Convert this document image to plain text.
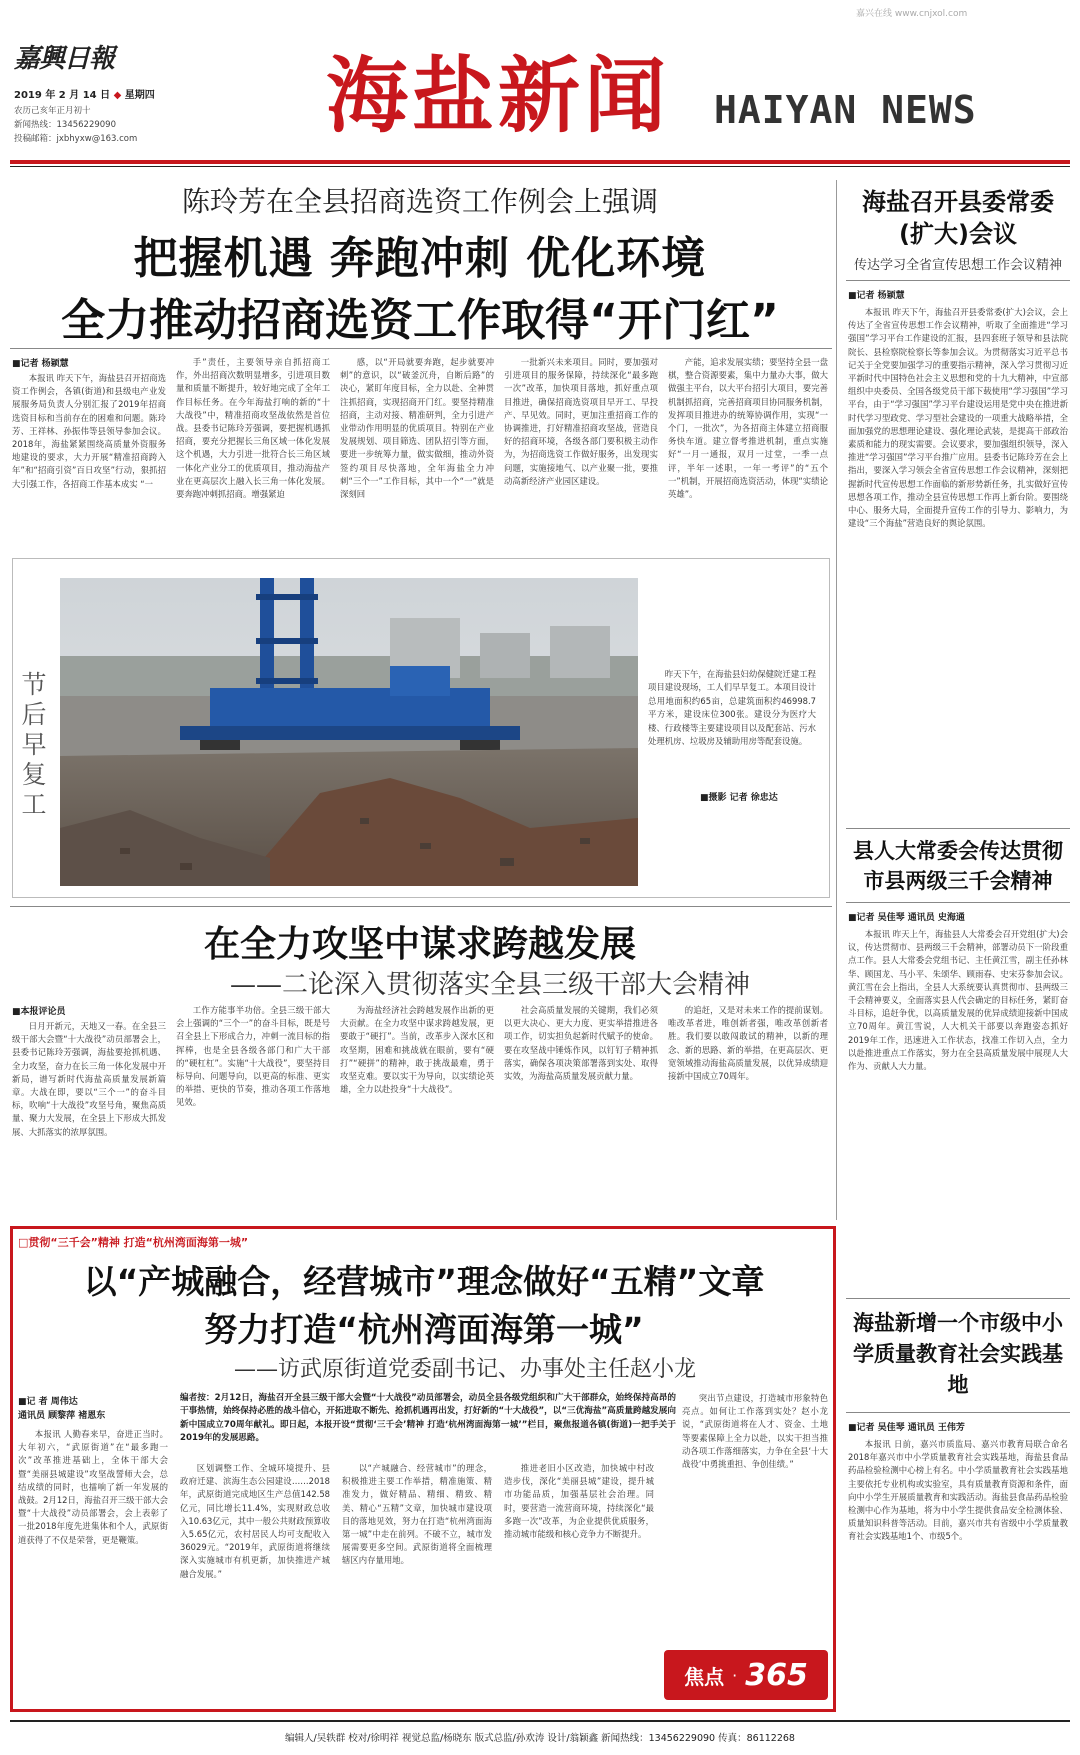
嘉兴在线 www.cnjxol.com
嘉興日報
2019 年 2 月 14 日 ◆ 星期四
农历己亥年正月初十
新闻热线：13456229090
投稿邮箱：jxbhyxw@163.com 海盐新闻 HAIYAN NEWS
陈玲芳在全县招商选资工作例会上强调
把握机遇 奔跑冲刺 优化环境
全力推动招商选资工作取得“开门红”
■记者 杨颖慧

本报讯 昨天下午，海盐县召开招商选资工作例会，各镇(街道)和县级电产业发展服务局负责人分别汇报了2019年招商选资目标和当前存在的困难和问题。陈玲芳、王祥林、孙振伟等县领导参加会议。2018年，海盐紧紧围绕高质量外资服务地建设的要求，大力开展“精准招商跨入年”和“招商引资”百日攻坚”行动，狠抓招大引强工作，各招商工作基本成实 “一

手”责任，主要领导亲自抓招商工作，外出招商次数明显增多，引进项目数量和质量不断提升，较好地完成了全年工作目标任务。在今年海盐打响的新的“十大战役”中，精准招商攻坚战依然是首位战。县委书记陈玲芳强调，要把握机遇抓招商，要充分把握长三角区域一体化发展这个机遇，大力引进一批符合长三角区域一体化产业分工的优质项目，推动海盐产业在更高层次上融入长三角一体化发展。要奔跑冲刺抓招商。增强紧迫

感，以“开局就要奔跑，起步就要冲刺”的意识，以“破釜沉舟，自断后路”的决心，紧盯年度目标，全力以赴、全神贯注抓招商，实现招商开门红。要坚持精准招商，主动对接、精准研判，全力引进产业带动作用明显的优质项目。特别在产业发展规划、项目筛选、团队招引等方面，要进一步统筹力量，做实做细，推动外资签约项目尽快落地，全年海盐全力冲刺“三个一”工作目标，其中一个“一”就是深刻回

一批新兴未来项目。同时，要加强对引进项目的服务保障，持续深化“最多跑一次”改革，加快项目落地，抓好重点项目推进，确保招商选资项目早开工、早投产、早见效。同时，更加注重招商工作的协调推进，打好精准招商攻坚战，营造良好的招商环境，各级各部门要积极主动作为，为招商选资工作做好服务，出发现实问题，实施接地气、以产业聚一批，要推动高新经济产业园区建设。

产能，追求发展实绩；要坚持全县一盘棋，整合资源要素，集中力量办大事，做大做强主平台，以大平台招引大项目，要完善机制抓招商，完善招商项目协同服务机制，发挥项目推进办的统筹协调作用，实现“一个门，一批次”，为各招商主体建立招商服务快车道。建立督考推进机制，重点实施好“一月一通报，双月一过堂，一季一点评，半年一述职，一年一考评”的“五个一”机制，开展招商选资活动，体现“实绩论英雄”。

节后早复工
昨天下午，在海盐县妇幼保健院迁建工程项目建设现场，工人们早早复工。本项目设计总用地面积约65亩，总建筑面积约46998.7平方米，建设床位300张。建设分为医疗大楼、行政楼等主要建设项目以及配套站、污水处理机房、垃圾房及辅助用房等配套设施。
■摄影 记者 徐忠达
海盐召开县委常委(扩大)会议
传达学习全省宣传思想工作会议精神
■记者 杨颖慧

本报讯 昨天下午，海盐召开县委常委(扩大)会议，会上传达了全省宣传思想工作会议精神，听取了全面推进“学习强国”学习平台工作建设的汇报，县四套班子领导和县法院院长、县检察院检察长等参加会议。为贯彻落实习近平总书记关于全党要加强学习的重要指示精神，深入学习贯彻习近平新时代中国特色社会主义思想和党的十九大精神，中宣部组织中央委员、全国各级党员干部下载使用“学习强国”学习平台，由于“学习强国”学习平台建设运用是党中央在推进新时代学习型政党、学习型社会建设的一项重大战略举措，全面加强党的思想理论建设、强化理论武装，是提高干部政治素质和能力的现实需要。会议要求，要加强组织领导，深入推进“学习强国”学习平台推广应用。县委书记陈玲芳在会上指出，要深入学习领会全省宣传思想工作会议精神，深刻把握新时代宣传思想工作面临的新形势新任务，扎实做好宣传思想各项工作，推动全县宣传思想工作再上新台阶。要围绕中心、服务大局，全面提升宣传工作的引导力、影响力，为建设“三个海盐”营造良好的舆论氛围。

县人大常委会传达贯彻市县两级三千会精神
■记者 吴佳琴 通讯员 史海通

本报讯 昨天上午，海盐县人大常委会召开党组(扩大)会议，传达贯彻市、县两级三千会精神，部署动员下一阶段重点工作。县人大常委会党组书记、主任黄江雪，副主任孙林华、顾国龙、马小平、朱颂华、顾雨春、史宋芬参加会议。黄江雪在会上指出，全县人大系统要认真贯彻市、县两级三千会精神要义，全面落实县人代会确定的目标任务，紧盯奋斗目标，追赶争优，以高质量发展的优异成绩迎接新中国成立70周年。黄江雪说，人大机关干部要以奔跑姿态抓好2019年工作，迅速进入工作状态，找准工作切入点，全力以赴推进重点工作落实，努力在全县高质量发展中展现人大作为、贡献人大力量。

在全力攻坚中谋求跨越发展
——二论深入贯彻落实全县三级干部大会精神
■本报评论员

日月开新元，天地又一春。在全县三级干部大会暨“十大战役”动员部署会上，县委书记陈玲芳强调，海盐要抢抓机遇、全力攻坚，奋力在长三角一体化发展中开新局，谱写新时代海盐高质量发展新篇章。大战在即，要以“三个一”的奋斗目标，吹响“十大战役”攻坚号角，聚焦高质量、聚力大发展，在全县上下形成大抓发展、大抓落实的浓厚氛围。

工作方能事半功倍。全县三级干部大会上强调的“三个一”的奋斗目标，既是号召全县上下形成合力，冲刺一流目标的指挥棒，也是全县各级各部门和广大干部的“硬杠杠”。实施“十大战役”，要坚持目标导向、问题导向，以更高的标准、更实的举措、更快的节奏，推动各项工作落地见效。

为海盐经济社会跨越发展作出新的更大贡献。在全力攻坚中谋求跨越发展，更要敢于“硬打”。当前，改革步入深水区和攻坚期，困难和挑战就在眼前，要有“硬打”“硬拼”的精神，敢于挑战最难，勇于攻坚克难。要以实干为导向，以实绩论英雄，全力以赴投身“十大战役”。

社会高质量发展的关键期，我们必须以更大决心、更大力度、更实举措推进各项工作，切实担负起新时代赋予的使命。要在攻坚战中锤炼作风，以钉钉子精神抓落实，确保各项决策部署落到实处、取得实效，为海盐高质量发展贡献力量。

的追赶，又是对未来工作的提前谋划。唯改革者进，唯创新者强，唯改革创新者胜。我们要以敢闯敢试的精神，以新的理念、新的思路、新的举措，在更高层次、更宽领域推动海盐高质量发展，以优异成绩迎接新中国成立70周年。

□贯彻“三千会”精神 打造“杭州湾面海第一城”
以“产城融合，经营城市”理念做好“五精”文章
努力打造“杭州湾面海第一城”
——访武原街道党委副书记、办事处主任赵小龙
■记 者 周伟达
通讯员 顾黎萍 褚恩东
编者按：2月12日，海盐召开全县三级干部大会暨“十大战役”动员部署会，动员全县各级党组织和广大干部群众，始终保持高昂的干事热情，始终保持必胜的战斗信心，开拓进取不断先、抢抓机遇再出发，打好新的“十大战役”，以“三优海盐”高质量跨越发展向新中国成立70周年献礼。即日起，本报开设“贯彻‘三千会’精神 打造‘杭州湾面海第一城’”栏目，聚焦报道各镇(街道)一把手关于2019年的发展思路。

本报讯 人勤春来早，奋进正当时。大年初六，“武原街道”在“最多跑一次”改革推进基础上，全体干部大会暨“美丽县城建设”攻坚战誓师大会，总结成绩的同时，也擂响了新一年发展的战鼓。2月12日，海盐召开三级干部大会暨“十大战役”动员部署会，会上表彰了一批2018年度先进集体和个人，武原街道获得了不仅是荣誉，更是鞭策。

区划调整工作、全城环境提升、县政府迁建、滨海生态公园建设……2018年，武原街道完成地区生产总值142.58亿元，同比增长11.4%，实现财政总收入10.63亿元，其中一般公共财政预算收入5.65亿元，农村居民人均可支配收入36029元。“2019年，武原街道将继续深入实施城市有机更新，加快推进产城融合发展。”

以“产城融合、经营城市”的理念，积极推进主要工作举措，精准施策、精准发力，做好精品、精细、精致、精美、精心“五精”文章，加快城市建设项目的落地见效，努力在打造“杭州湾面海第一城”中走在前列。不破不立，城市发展需要更多空间。武原街道将全面梳理辖区内存量用地。

推进老旧小区改造，加快城中村改造步伐，深化“美丽县城”建设，提升城市功能品质，加强基层社会治理。同时，要营造一流营商环境，持续深化“最多跑一次”改革，为企业提供优质服务，推动城市能级和核心竞争力不断提升。

突出节点建设，打造城市形象特色亮点。如何让工作落到实处？赵小龙说，“武原街道将在人才、资金、土地等要素保障上全力以赴，以实干担当推动各项工作落细落实，力争在全县‘十大战役’中勇挑重担、争创佳绩。”

焦点 · 365
海盐新增一个市级中小学质量教育社会实践基地
■记者 吴佳琴 通讯员 王伟芳

本报讯 日前，嘉兴市质监局、嘉兴市教育局联合命名2018年嘉兴市中小学质量教育社会实践基地，海盐县食品药品检验检测中心榜上有名。中小学质量教育社会实践基地主要依托专业机构或实验室，具有质量教育资源和条件，面向中小学生开展质量教育和实践活动。海盐县食品药品检验检测中心作为基地，将为中小学生提供食品安全检测体验、质量知识科普等活动。目前，嘉兴市共有省级中小学质量教育社会实践基地1个、市级5个。

编辑人/吴轶群 校对/徐明祥 视觉总监/杨晓东 版式总监/孙欢涛 设计/翁颖鑫 新闻热线：13456229090 传真：86112268
